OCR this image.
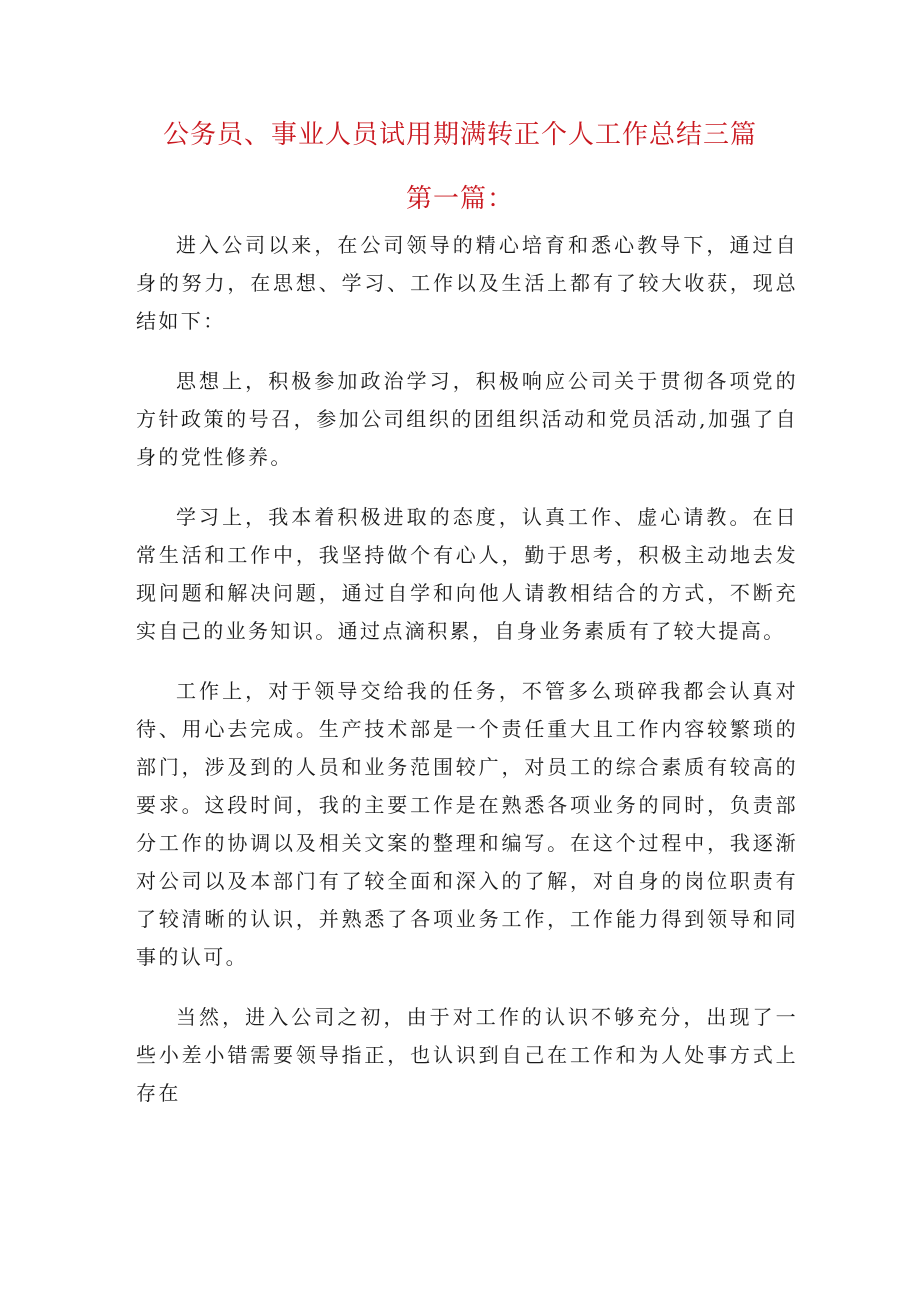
公务员、事业人员试用期满转正个人工作总结三篇
第一篇：

进入公司以来，在公司领导的精心培育和悉心教导下，通过自身的努力，在思想、学习、工作以及生活上都有了较大收获，现总结如下：

思想上，积极参加政治学习，积极响应公司关于贯彻各项党的方针政策的号召，参加公司组织的团组织活动和党员活动,加强了自身的党性修养。

学习上，我本着积极进取的态度，认真工作、虚心请教。在日常生活和工作中，我坚持做个有心人，勤于思考，积极主动地去发现问题和解决问题，通过自学和向他人请教相结合的方式，不断充实自己的业务知识。通过点滴积累，自身业务素质有了较大提高。

工作上，对于领导交给我的任务，不管多么琐碎我都会认真对待、用心去完成。生产技术部是一个责任重大且工作内容较繁琐的部门，涉及到的人员和业务范围较广，对员工的综合素质有较高的要求。这段时间，我的主要工作是在熟悉各项业务的同时，负责部分工作的协调以及相关文案的整理和编写。在这个过程中，我逐渐对公司以及本部门有了较全面和深入的了解，对自身的岗位职责有了较清晰的认识，并熟悉了各项业务工作，工作能力得到领导和同事的认可。

当然，进入公司之初，由于对工作的认识不够充分，出现了一些小差小错需要领导指正，也认识到自己在工作和为人处事方式上存在
